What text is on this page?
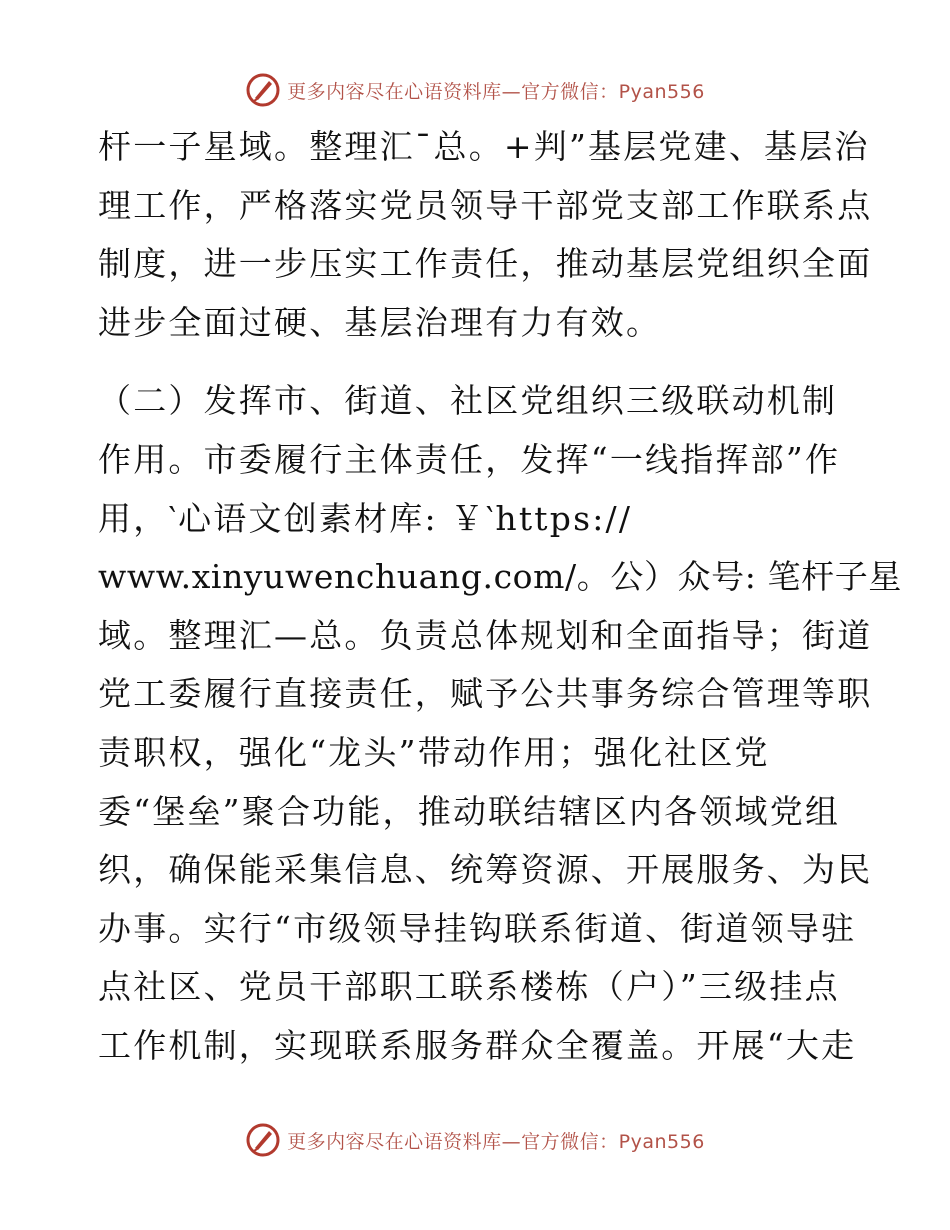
更多内容尽在心语资料库—官方微信：Pyan556
杆一子星域。整理汇¯总。+判”基层党建、基层治
理工作，严格落实党员领导干部党支部工作联系点
制度，进一步压实工作责任，推动基层党组织全面
进步全面过硬、基层治理有力有效。
（二）发挥市、街道、社区党组织三级联动机制
作用。市委履行主体责任，发挥“一线指挥部”作
用，‵心语文创素材库: ￥‵https://
www.xinyuwenchuang.com/。公）众号: 笔杆子星
域。整理汇—总。负责总体规划和全面指导；街道
党工委履行直接责任，赋予公共事务综合管理等职
责职权，强化“龙头”带动作用；强化社区党
委“堡垒”聚合功能，推动联结辖区内各领域党组
织，确保能采集信息、统筹资源、开展服务、为民
办事。实行“市级领导挂钩联系街道、街道领导驻
点社区、党员干部职工联系楼栋（户）”三级挂点
工作机制，实现联系服务群众全覆盖。开展“大走
更多内容尽在心语资料库—官方微信：Pyan556
